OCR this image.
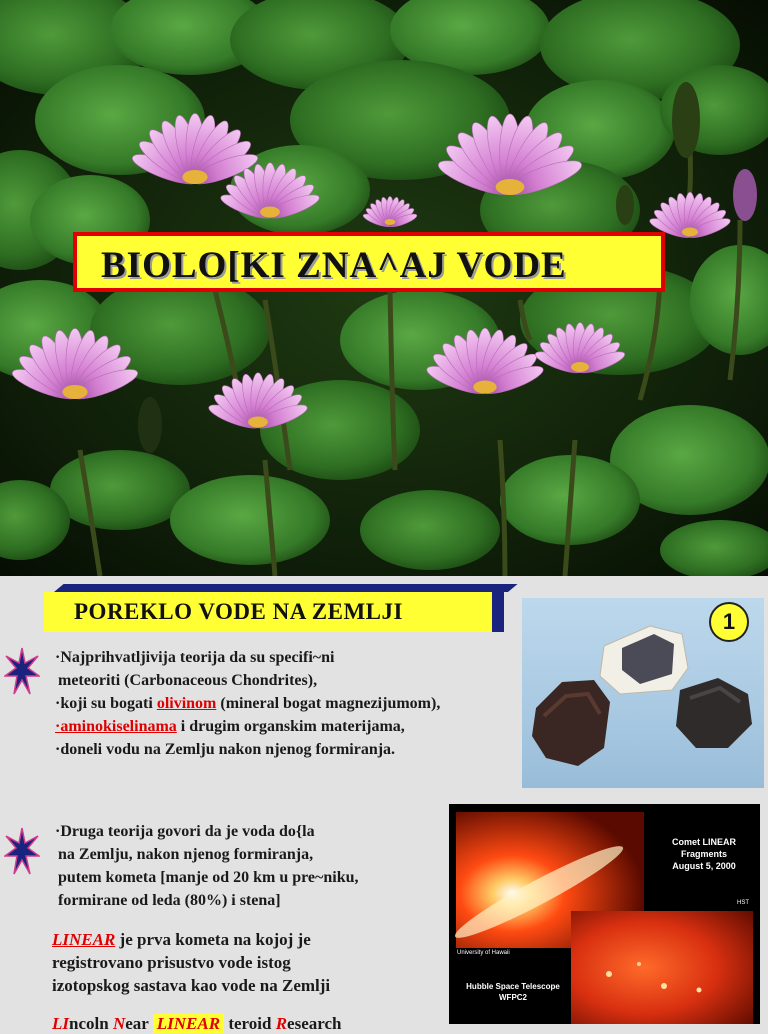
BIOLO[KI ZNA^AJ VODE
POREKLO VODE NA ZEMLJI
·Najprihvatljivija teorija da su specifi~ni
meteoriti (Carbonaceous Chondrites),
·koji su bogati olivinom (mineral bogat magnezijumom),
·aminokiselinama i drugim organskim materijama,
·doneli vodu na Zemlju nakon njenog formiranja.
1
·Druga teorija govori da je voda do{la
na Zemlju, nakon njenog formiranja,
putem kometa [manje od 20 km u pre~niku,
formirane od leda (80%) i stena]
LINEAR je prva kometa na kojoj je
registrovano prisustvo vode istog
izotopskog sastava kao vode na Zemlji
Comet LINEAR
Fragments
August 5, 2000
HST
University of Hawaii
Hubble Space Telescope
WFPC2
LIncoln Near LINEAR teroid Research
